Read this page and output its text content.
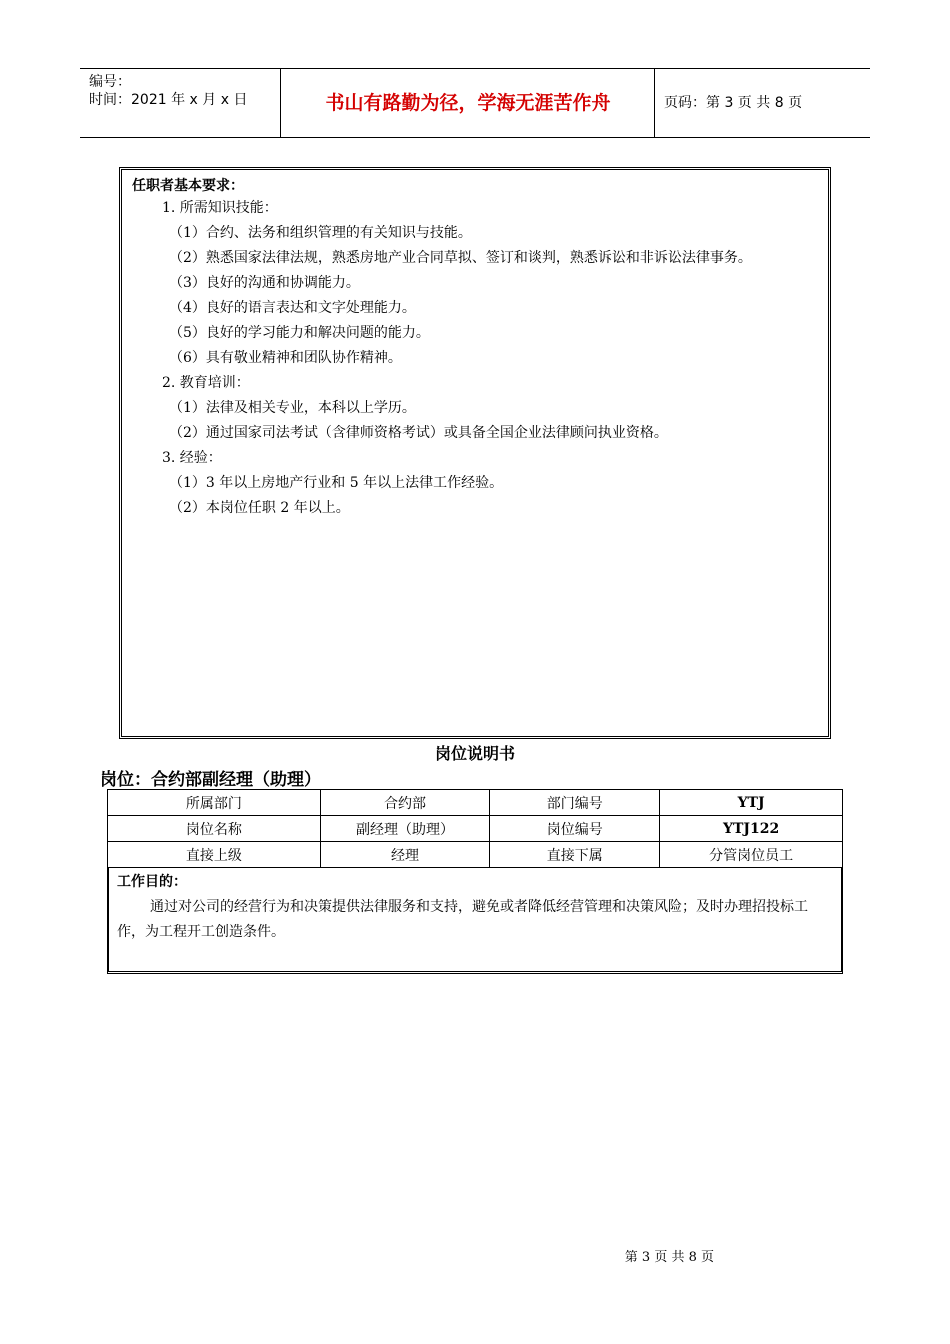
编号：
时间：2021 年 x 月 x 日	书山有路勤为径，学海无涯苦作舟	页码：第 3 页 共 8 页
任职者基本要求：
1. 所需知识技能：
（1）合约、法务和组织管理的有关知识与技能。
（2）熟悉国家法律法规，熟悉房地产业合同草拟、签订和谈判，熟悉诉讼和非诉讼法律事务。
（3）良好的沟通和协调能力。
（4）良好的语言表达和文字处理能力。
（5）良好的学习能力和解决问题的能力。
（6）具有敬业精神和团队协作精神。
2. 教育培训：
（1）法律及相关专业，本科以上学历。
（2）通过国家司法考试（含律师资格考试）或具备全国企业法律顾问执业资格。
3. 经验：
（1）3 年以上房地产行业和 5 年以上法律工作经验。
（2）本岗位任职 2 年以上。
岗位说明书
岗位：合约部副经理（助理）
所属部门	合约部	部门编号	YTJ
岗位名称	副经理（助理）	岗位编号	YTJ122
直接上级	经理	直接下属	分管岗位员工
工作目的：
通过对公司的经营行为和决策提供法律服务和支持，避免或者降低经营管理和决策风险；及时办理招投标工作，为工程开工创造条件。
第 3 页 共 8 页
